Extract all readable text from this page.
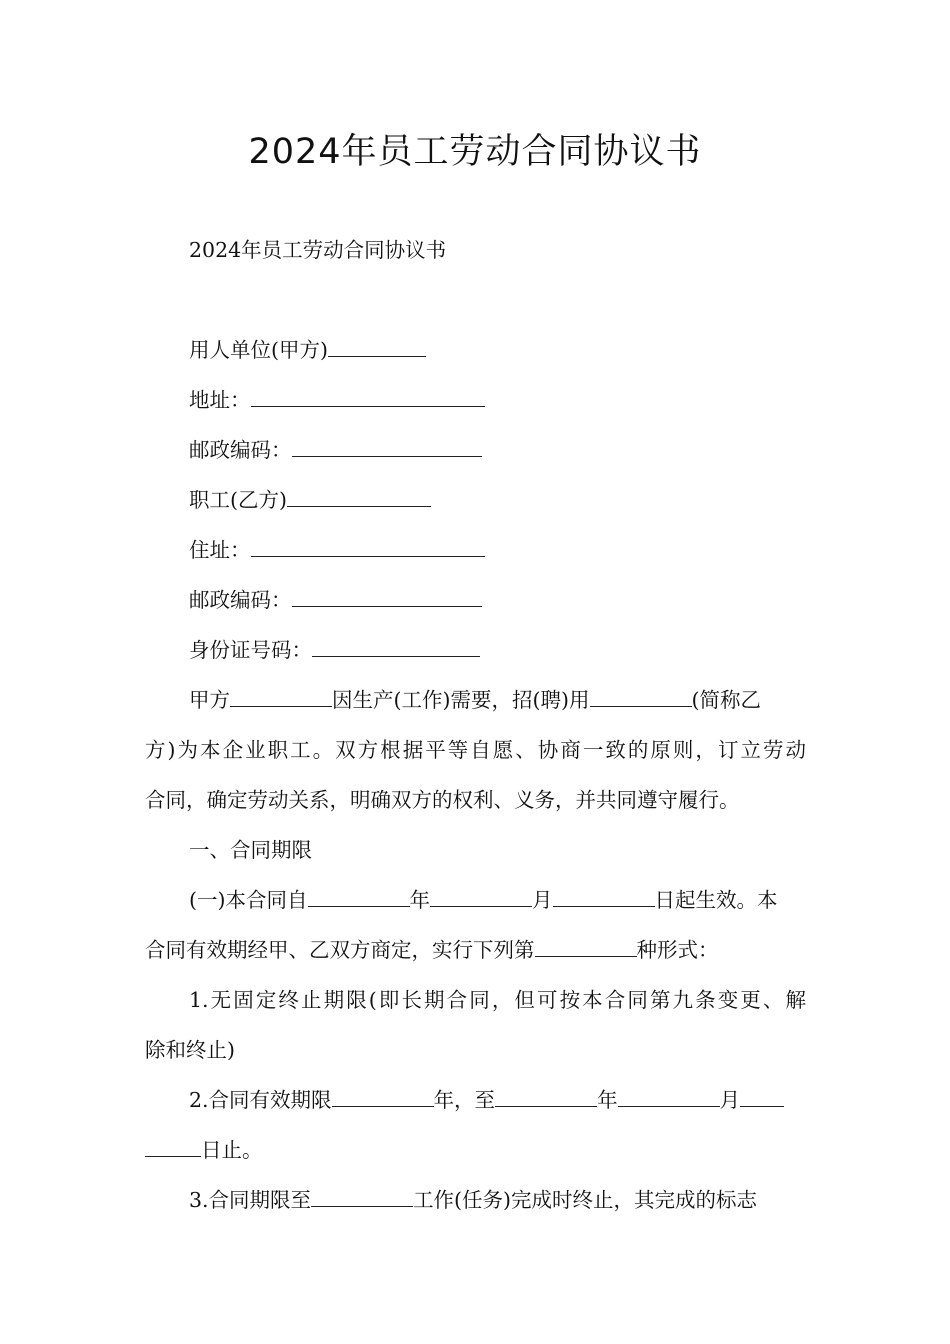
2024年员工劳动合同协议书
2024年员工劳动合同协议书
用人单位(甲方)
地址：
邮政编码：
职工(乙方)
住址：
邮政编码：
身份证号码：
甲方	因生产(工作)需要，招(聘)用	(简称乙
方)为本企业职工。双方根据平等自愿、协商一致的原则，订立劳动
合同，确定劳动关系，明确双方的权利、义务，并共同遵守履行。
一、合同期限
(一)本合同自	年	月	日起生效。本
合同有效期经甲、乙双方商定，实行下列第	种形式：
1.无固定终止期限(即长期合同，但可按本合同第九条变更、解
除和终止)
2.合同有效期限	年，至	年	月
日止。
3.合同期限至	工作(任务)完成时终止，其完成的标志
